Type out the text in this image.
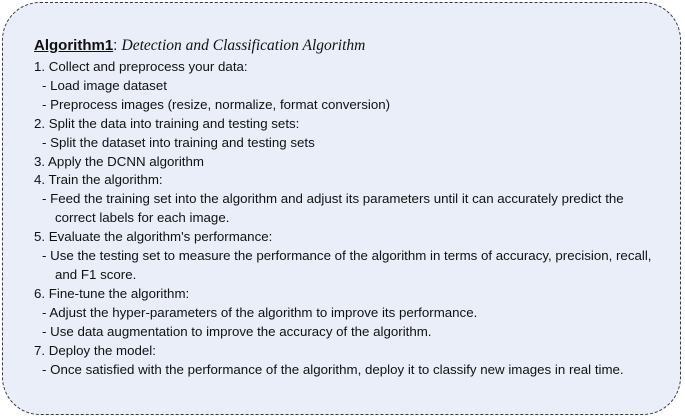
Algorithm1: Detection and Classification Algorithm
1. Collect and preprocess your data:
- Load image dataset
- Preprocess images (resize, normalize, format conversion)
2. Split the data into training and testing sets:
- Split the dataset into training and testing sets
3. Apply the DCNN algorithm
4. Train the algorithm:
- Feed the training set into the algorithm and adjust its parameters until it can accurately predict the correct labels for each image.
5. Evaluate the algorithm's performance:
- Use the testing set to measure the performance of the algorithm in terms of accuracy, precision, recall, and F1 score.
6. Fine-tune the algorithm:
- Adjust the hyper-parameters of the algorithm to improve its performance.
- Use data augmentation to improve the accuracy of the algorithm.
7. Deploy the model:
- Once satisfied with the performance of the algorithm, deploy it to classify new images in real time.
